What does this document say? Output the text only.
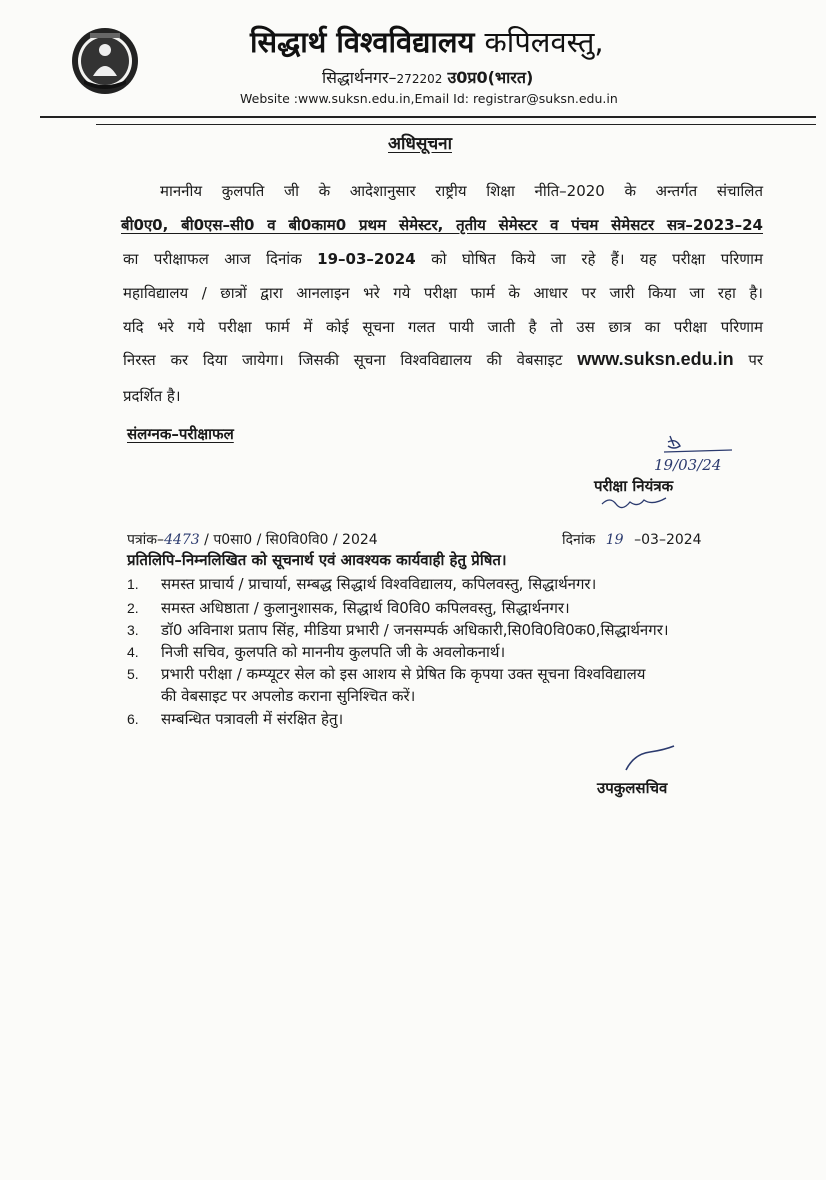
सिद्धार्थ विश्वविद्यालय कपिलवस्तु,
सिद्धार्थनगर–272202 उ0प्र0(भारत)
Website :www.suksn.edu.in,Email Id: registrar@suksn.edu.in
अधिसूचना
माननीय कुलपति जी के आदेशानुसार राष्ट्रीय शिक्षा नीति–2020 के अन्तर्गत संचालित
बी0ए0, बी0एस–सी0 व बी0काम0 प्रथम सेमेस्टर, तृतीय सेमेस्टर व पंचम सेमेसटर सत्र–2023–24
का परीक्षाफल आज दिनांक 19–03–2024 को घोषित किये जा रहे हैं। यह परीक्षा परिणाम
महाविद्यालय / छात्रों द्वारा आनलाइन भरे गये परीक्षा फार्म के आधार पर जारी किया जा रहा है।
यदि भरे गये परीक्षा फार्म में कोई सूचना गलत पायी जाती है तो उस छात्र का परीक्षा परिणाम
निरस्त कर दिया जायेगा। जिसकी सूचना विश्वविद्यालय की वेबसाइट www.suksn.edu.in पर
प्रदर्शित है।
संलग्नक–परीक्षाफल
19/03/24
परीक्षा नियंत्रक
पत्रांक–4473 / प0सा0 / सि0वि0वि0 / 2024	दिनांक 19 –03–2024
प्रतिलिपि–निम्नलिखित को सूचनार्थ एवं आवश्यक कार्यवाही हेतु प्रेषित।
1. समस्त प्राचार्य / प्राचार्या, सम्बद्ध सिद्धार्थ विश्वविद्यालय, कपिलवस्तु, सिद्धार्थनगर।
2. समस्त अधिष्ठाता / कुलानुशासक, सिद्धार्थ वि0वि0 कपिलवस्तु, सिद्धार्थनगर।
3. डॉ0 अविनाश प्रताप सिंह, मीडिया प्रभारी / जनसम्पर्क अधिकारी,सि0वि0वि0क0,सिद्धार्थनगर।
4. निजी सचिव, कुलपति को माननीय कुलपति जी के अवलोकनार्थ।
5. प्रभारी परीक्षा / कम्प्यूटर सेल को इस आशय से प्रेषित कि कृपया उक्त सूचना विश्वविद्यालय
की वेबसाइट पर अपलोड कराना सुनिश्चित करें।
6. सम्बन्धित पत्रावली में संरक्षित हेतु।
उपकुलसचिव
